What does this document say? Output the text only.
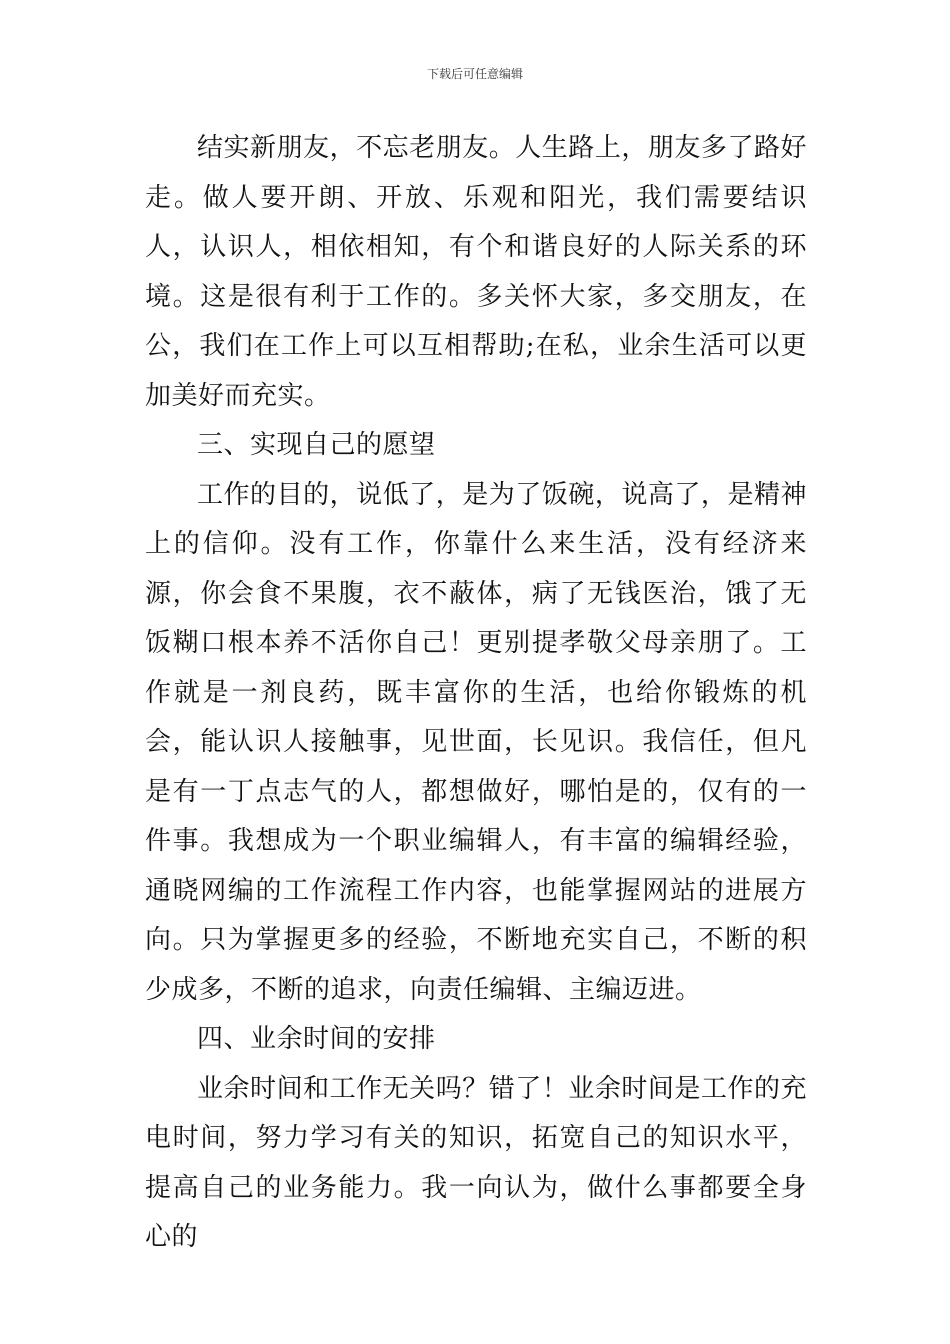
下载后可任意编辑

结实新朋友，不忘老朋友。人生路上，朋友多了路好走。做人要开朗、开放、乐观和阳光，我们需要结识人，认识人，相依相知，有个和谐良好的人际关系的环境。这是很有利于工作的。多关怀大家，多交朋友，在公，我们在工作上可以互相帮助;在私，业余生活可以更加美好而充实。

三、实现自己的愿望

工作的目的，说低了，是为了饭碗，说高了，是精神上的信仰。没有工作，你靠什么来生活，没有经济来源，你会食不果腹，衣不蔽体，病了无钱医治，饿了无饭糊口根本养不活你自己！更别提孝敬父母亲朋了。工作就是一剂良药，既丰富你的生活，也给你锻炼的机会，能认识人接触事，见世面，长见识。我信任，但凡是有一丁点志气的人，都想做好，哪怕是的，仅有的一件事。我想成为一个职业编辑人，有丰富的编辑经验，通晓网编的工作流程工作内容，也能掌握网站的进展方向。只为掌握更多的经验，不断地充实自己，不断的积少成多，不断的追求，向责任编辑、主编迈进。

四、业余时间的安排

业余时间和工作无关吗？错了！业余时间是工作的充电时间，努力学习有关的知识，拓宽自己的知识水平，提高自己的业务能力。我一向认为，做什么事都要全身心的
